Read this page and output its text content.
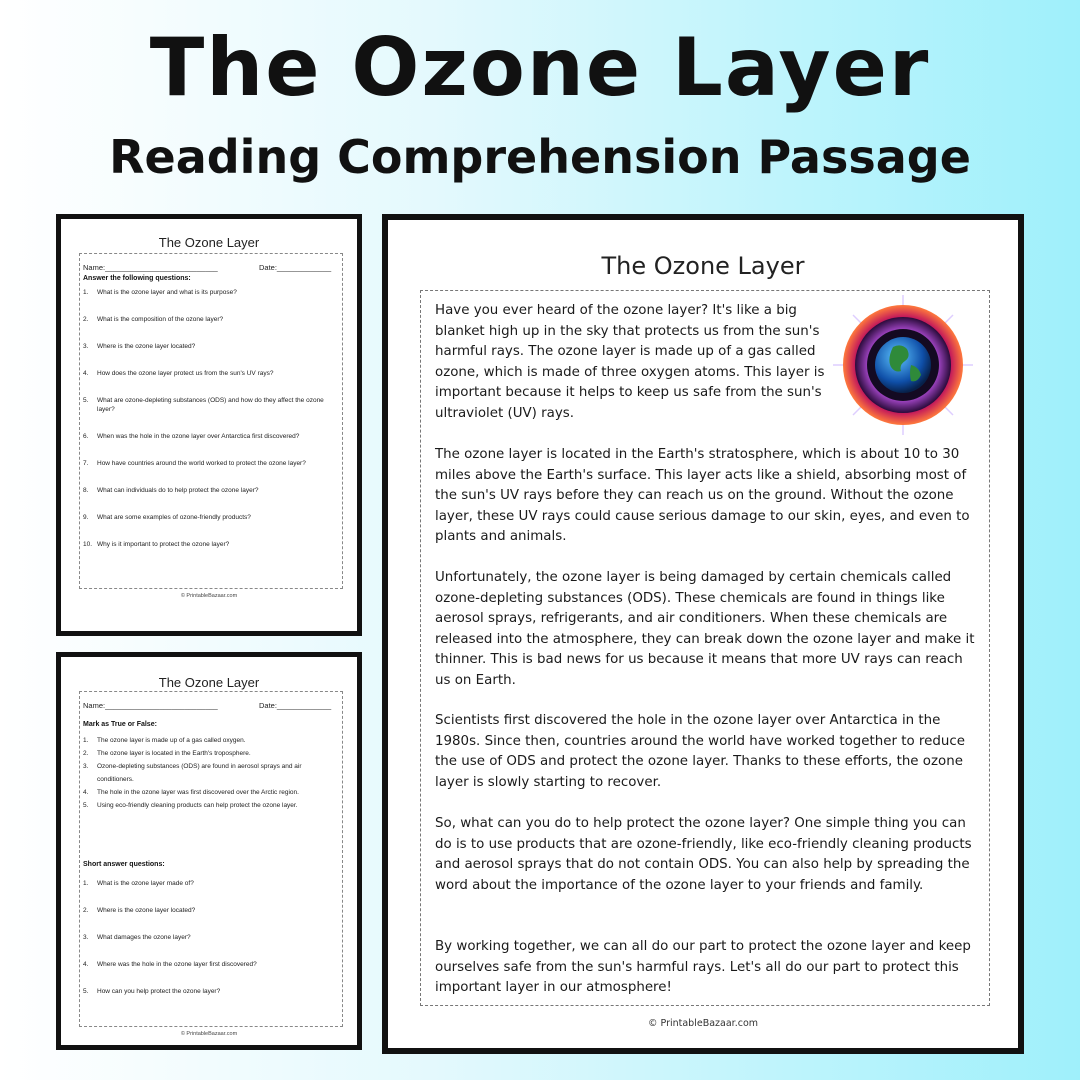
The Ozone Layer
Reading Comprehension Passage
The Ozone Layer
Name:___________________________	Date:_____________
Answer the following questions:
1. What is the ozone layer and what is its purpose?
2. What is the composition of the ozone layer?
3. Where is the ozone layer located?
4. How does the ozone layer protect us from the sun's UV rays?
5. What are ozone-depleting substances (ODS) and how do they affect the ozone
layer?
6. When was the hole in the ozone layer over Antarctica first discovered?
7. How have countries around the world worked to protect the ozone layer?
8. What can individuals do to help protect the ozone layer?
9. What are some examples of ozone-friendly products?
10. Why is it important to protect the ozone layer?
© PrintableBazaar.com
The Ozone Layer
Name:___________________________	Date:_____________
Mark as True or False:
1. The ozone layer is made up of a gas called oxygen.
2. The ozone layer is located in the Earth's troposphere.
3. Ozone-depleting substances (ODS) are found in aerosol sprays and air
conditioners.
4. The hole in the ozone layer was first discovered over the Arctic region.
5. Using eco-friendly cleaning products can help protect the ozone layer.
Short answer questions:
1. What is the ozone layer made of?
2. Where is the ozone layer located?
3. What damages the ozone layer?
4. Where was the hole in the ozone layer first discovered?
5. How can you help protect the ozone layer?
© PrintableBazaar.com
The Ozone Layer

Have you ever heard of the ozone layer? It's like a big blanket high up in the sky that protects us from the sun's harmful rays. The ozone layer is made up of a gas called ozone, which is made of three oxygen atoms. This layer is important because it helps to keep us safe from the sun's ultraviolet (UV) rays.

The ozone layer is located in the Earth's stratosphere, which is about 10 to 30 miles above the Earth's surface. This layer acts like a shield, absorbing most of the sun's UV rays before they can reach us on the ground. Without the ozone layer, these UV rays could cause serious damage to our skin, eyes, and even to plants and animals.

Unfortunately, the ozone layer is being damaged by certain chemicals called ozone-depleting substances (ODS). These chemicals are found in things like aerosol sprays, refrigerants, and air conditioners. When these chemicals are released into the atmosphere, they can break down the ozone layer and make it thinner. This is bad news for us because it means that more UV rays can reach us on Earth.

Scientists first discovered the hole in the ozone layer over Antarctica in the 1980s. Since then, countries around the world have worked together to reduce the use of ODS and protect the ozone layer. Thanks to these efforts, the ozone layer is slowly starting to recover.

So, what can you do to help protect the ozone layer? One simple thing you can do is to use products that are ozone-friendly, like eco-friendly cleaning products and aerosol sprays that do not contain ODS. You can also help by spreading the word about the importance of the ozone layer to your friends and family.

By working together, we can all do our part to protect the ozone layer and keep ourselves safe from the sun's harmful rays. Let's all do our part to protect this important layer in our atmosphere!

© PrintableBazaar.com
